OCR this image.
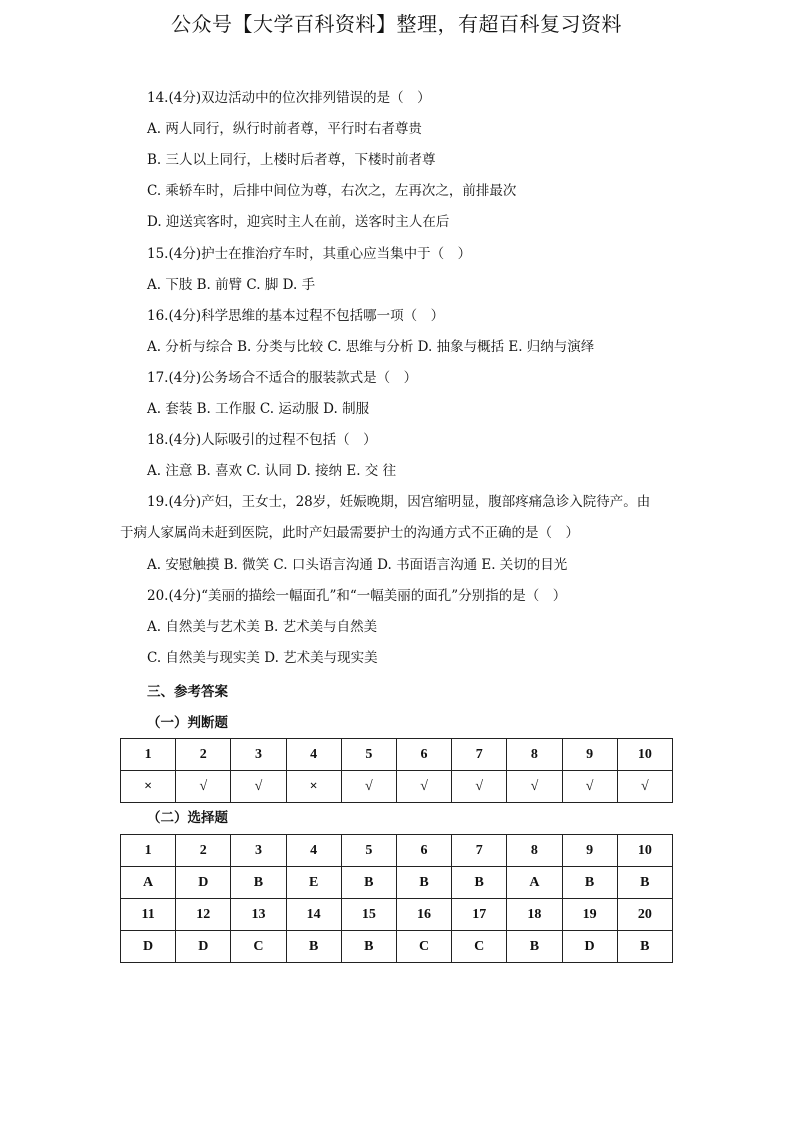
公众号【大学百科资料】整理，有超百科复习资料
14.(4分)双边活动中的位次排列错误的是（　）
A. 两人同行，纵行时前者尊，平行时右者尊贵
B. 三人以上同行，上楼时后者尊，下楼时前者尊
C. 乘轿车时，后排中间位为尊，右次之，左再次之，前排最次
D. 迎送宾客时，迎宾时主人在前，送客时主人在后
15.(4分)护士在推治疗车时，其重心应当集中于（　）
A. 下肢 B. 前臂 C. 脚 D. 手
16.(4分)科学思维的基本过程不包括哪一项（　）
A. 分析与综合 B. 分类与比较 C. 思维与分析 D. 抽象与概括 E. 归纳与演绎
17.(4分)公务场合不适合的服装款式是（　）
A. 套装 B. 工作服 C. 运动服 D. 制服
18.(4分)人际吸引的过程不包括（　）
A. 注意 B. 喜欢 C. 认同 D. 接纳 E. 交 往
19.(4分)产妇，王女士，28岁，妊娠晚期，因宫缩明显，腹部疼痛急诊入院待产。由
于病人家属尚未赶到医院，此时产妇最需要护士的沟通方式不正确的是（　）
A. 安慰触摸 B. 微笑 C. 口头语言沟通 D. 书面语言沟通 E. 关切的目光
20.(4分)“美丽的描绘一幅面孔”和“一幅美丽的面孔”分别指的是（　）
A. 自然美与艺术美 B. 艺术美与自然美
C. 自然美与现实美 D. 艺术美与现实美
三、参考答案
（一）判断题
1	2	3	4	5	6	7	8	9	10
×	√	√	×	√	√	√	√	√	√
（二）选择题
1	2	3	4	5	6	7	8	9	10
A	D	B	E	B	B	B	A	B	B
11	12	13	14	15	16	17	18	19	20
D	D	C	B	B	C	C	B	D	B
